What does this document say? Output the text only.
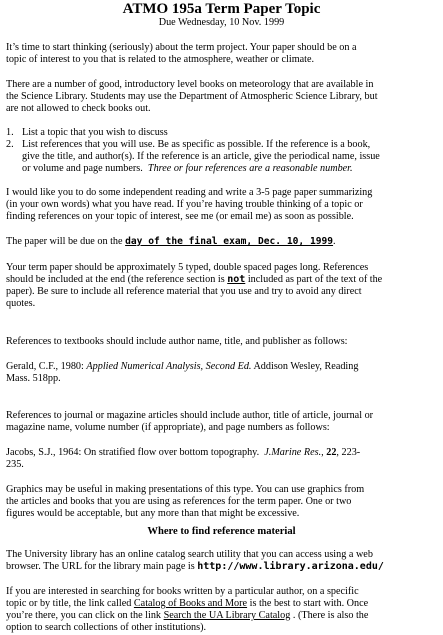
ATMO 195a Term Paper Topic
Due Wednesday, 10 Nov. 1999
It’s time to start thinking (seriously) about the term project. Your paper should be on a
topic of interest to you that is related to the atmosphere, weather or climate.
There are a number of good, introductory level books on meteorology that are available in
the Science Library. Students may use the Department of Atmospheric Science Library, but
are not allowed to check books out.
1. List a topic that you wish to discuss
2. List references that you will use. Be as specific as possible. If the reference is a book,
give the title, and author(s). If the reference is an article, give the periodical name, issue
or volume and page numbers. Three or four references are a reasonable number.
I would like you to do some independent reading and write a 3-5 page paper summarizing
(in your own words) what you have read. If you’re having trouble thinking of a topic or
finding references on your topic of interest, see me (or email me) as soon as possible.
The paper will be due on the day of the final exam, Dec. 10, 1999.
Your term paper should be approximately 5 typed, double spaced pages long. References
should be included at the end (the reference section is not included as part of the text of the
paper). Be sure to include all reference material that you use and try to avoid any direct
quotes.
References to textbooks should include author name, title, and publisher as follows:
Gerald, C.F., 1980: Applied Numerical Analysis, Second Ed. Addison Wesley, Reading
Mass. 518pp.
References to journal or magazine articles should include author, title of article, journal or
magazine name, volume number (if appropriate), and page numbers as follows:
Jacobs, S.J., 1964: On stratified flow over bottom topography. J.Marine Res., 22, 223-
235.
Graphics may be useful in making presentations of this type. You can use graphics from
the articles and books that you are using as references for the term paper. One or two
figures would be acceptable, but any more than that might be excessive.
Where to find reference material
The University library has an online catalog search utility that you can access using a web
browser. The URL for the library main page is http://www.library.arizona.edu/
If you are interested in searching for books written by a particular author, on a specific
topic or by title, the link called Catalog of Books and More is the best to start with. Once
you’re there, you can click on the link Search the UA Library Catalog . (There is also the
option to search collections of other institutions).
